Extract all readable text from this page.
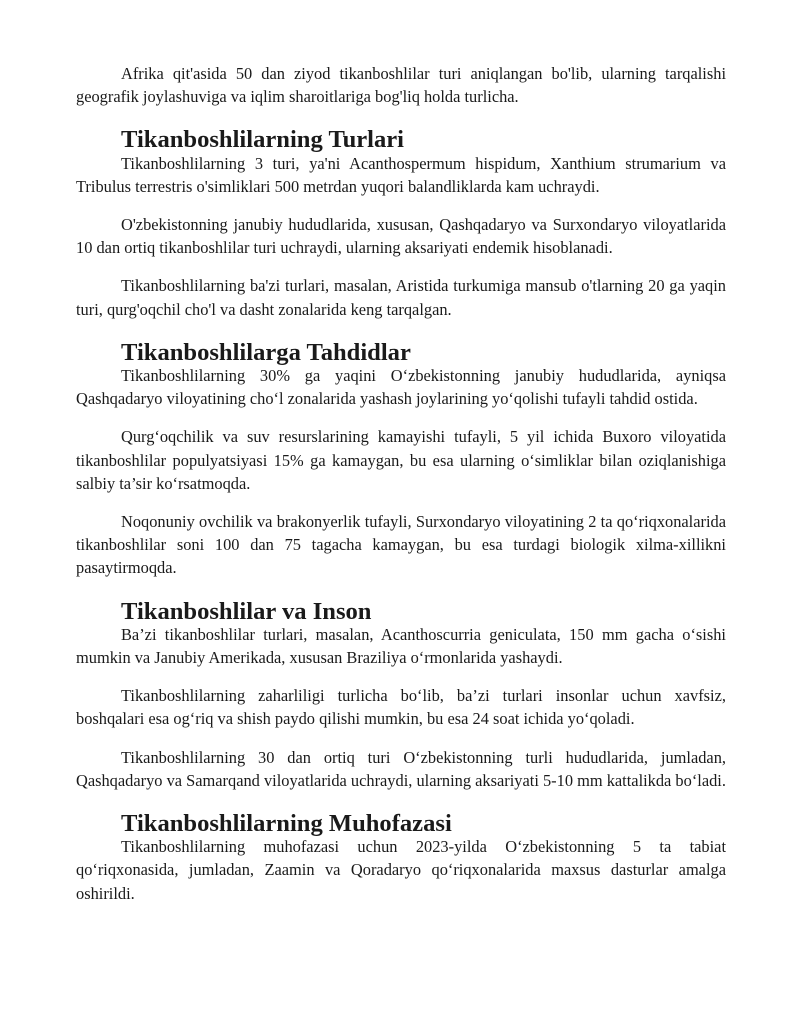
Afrika qit'asida 50 dan ziyod tikanboshlilar turi aniqlangan bo'lib, ularning tarqalishi geografik joylashuviga va iqlim sharoitlariga bog'liq holda turlicha.

Tikanboshlilarning Turlari

Tikanboshlilarning 3 turi, ya'ni Acanthospermum hispidum, Xanthium strumarium va Tribulus terrestris o'simliklari 500 metrdan yuqori balandliklarda kam uchraydi.

O'zbekistonning janubiy hududlarida, xususan, Qashqadaryo va Surxondaryo viloyatlarida 10 dan ortiq tikanboshlilar turi uchraydi, ularning aksariyati endemik hisoblanadi.

Tikanboshlilarning ba'zi turlari, masalan, Aristida turkumiga mansub o'tlarning 20 ga yaqin turi, qurg'oqchil cho'l va dasht zonalarida keng tarqalgan.

Tikanboshlilarga Tahdidlar

Tikanboshlilarning 30% ga yaqini O‘zbekistonning janubiy hududlarida, ayniqsa Qashqadaryo viloyatining cho‘l zonalarida yashash joylarining yo‘qolishi tufayli tahdid ostida.

Qurg‘oqchilik va suv resurslarining kamayishi tufayli, 5 yil ichida Buxoro viloyatida tikanboshlilar populyatsiyasi 15% ga kamaygan, bu esa ularning o‘simliklar bilan oziqlanishiga salbiy ta’sir ko‘rsatmoqda.

Noqonuniy ovchilik va brakonyerlik tufayli, Surxondaryo viloyatining 2 ta qo‘riqxonalarida tikanboshlilar soni 100 dan 75 tagacha kamaygan, bu esa turdagi biologik xilma-xillikni pasaytirmoqda.

Tikanboshlilar va Inson

Ba’zi tikanboshlilar turlari, masalan, Acanthoscurria geniculata, 150 mm gacha o‘sishi mumkin va Janubiy Amerikada, xususan Braziliya o‘rmonlarida yashaydi.

Tikanboshlilarning zaharliligi turlicha bo‘lib, ba’zi turlari insonlar uchun xavfsiz, boshqalari esa og‘riq va shish paydo qilishi mumkin, bu esa 24 soat ichida yo‘qoladi.

Tikanboshlilarning 30 dan ortiq turi O‘zbekistonning turli hududlarida, jumladan, Qashqadaryo va Samarqand viloyatlarida uchraydi, ularning aksariyati 5-10 mm kattalikda bo‘ladi.

Tikanboshlilarning Muhofazasi

Tikanboshlilarning muhofazasi uchun 2023-yilda O‘zbekistonning 5 ta tabiat qo‘riqxonasida, jumladan, Zaamin va Qoradaryo qo‘riqxonalarida maxsus dasturlar amalga oshirildi.
